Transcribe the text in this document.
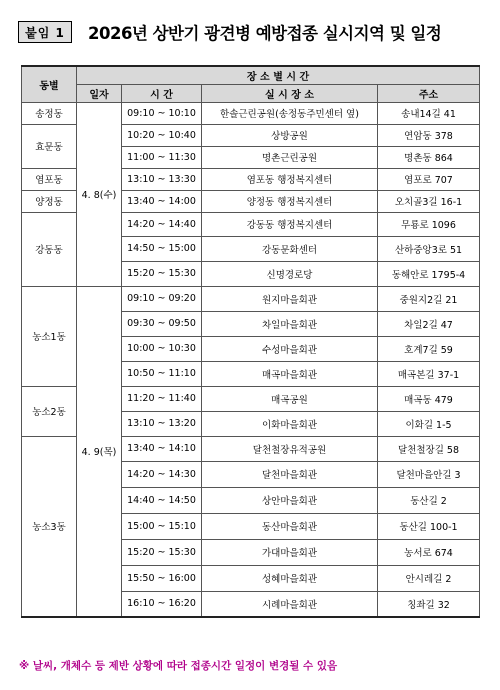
붙임 1	2026년 상반기 광견병 예방접종 실시지역 및 일정
동별	장 소 별 시 간			
	일자	시 간	실 시 장 소	주소
송정동	4. 8(수)	09:10 ~ 10:10	한솔근린공원(송정동주민센터 옆)	송내14길 41
효문동		10:20 ~ 10:40	상방공원	연암동 378
		11:00 ~ 11:30	명촌근린공원	명촌동 864
염포동		13:10 ~ 13:30	염포동 행정복지센터	염포로 707
양정동		13:40 ~ 14:00	양정동 행정복지센터	오치골3길 16-1
강동동		14:20 ~ 14:40	강동동 행정복지센터	무룡로 1096
		14:50 ~ 15:00	강동문화센터	산하중앙3로 51
		15:20 ~ 15:30	신명경로당	동해안로 1795-4
농소1동	4. 9(목)	09:10 ~ 09:20	원지마을회관	중원지2길 21
		09:30 ~ 09:50	차일마을회관	차일2길 47
		10:00 ~ 10:30	수성마을회관	호계7길 59
		10:50 ~ 11:10	매곡마을회관	매곡본길 37-1
농소2동		11:20 ~ 11:40	매곡공원	매곡동 479
		13:10 ~ 13:20	이화마을회관	이화길 1-5
농소3동		13:40 ~ 14:10	달천철장유적공원	달천철장길 58
		14:20 ~ 14:30	달천마을회관	달천마을안길 3
		14:40 ~ 14:50	상안마을회관	동산길 2
		15:00 ~ 15:10	동산마을회관	동산길 100-1
		15:20 ~ 15:30	가대마을회관	농서로 674
		15:50 ~ 16:00	성혜마을회관	안시레길 2
		16:10 ~ 16:20	시례마을회관	칭좌길 32
※ 날씨, 개체수 등 제반 상황에 따라 접종시간 일정이 변경될 수 있음
